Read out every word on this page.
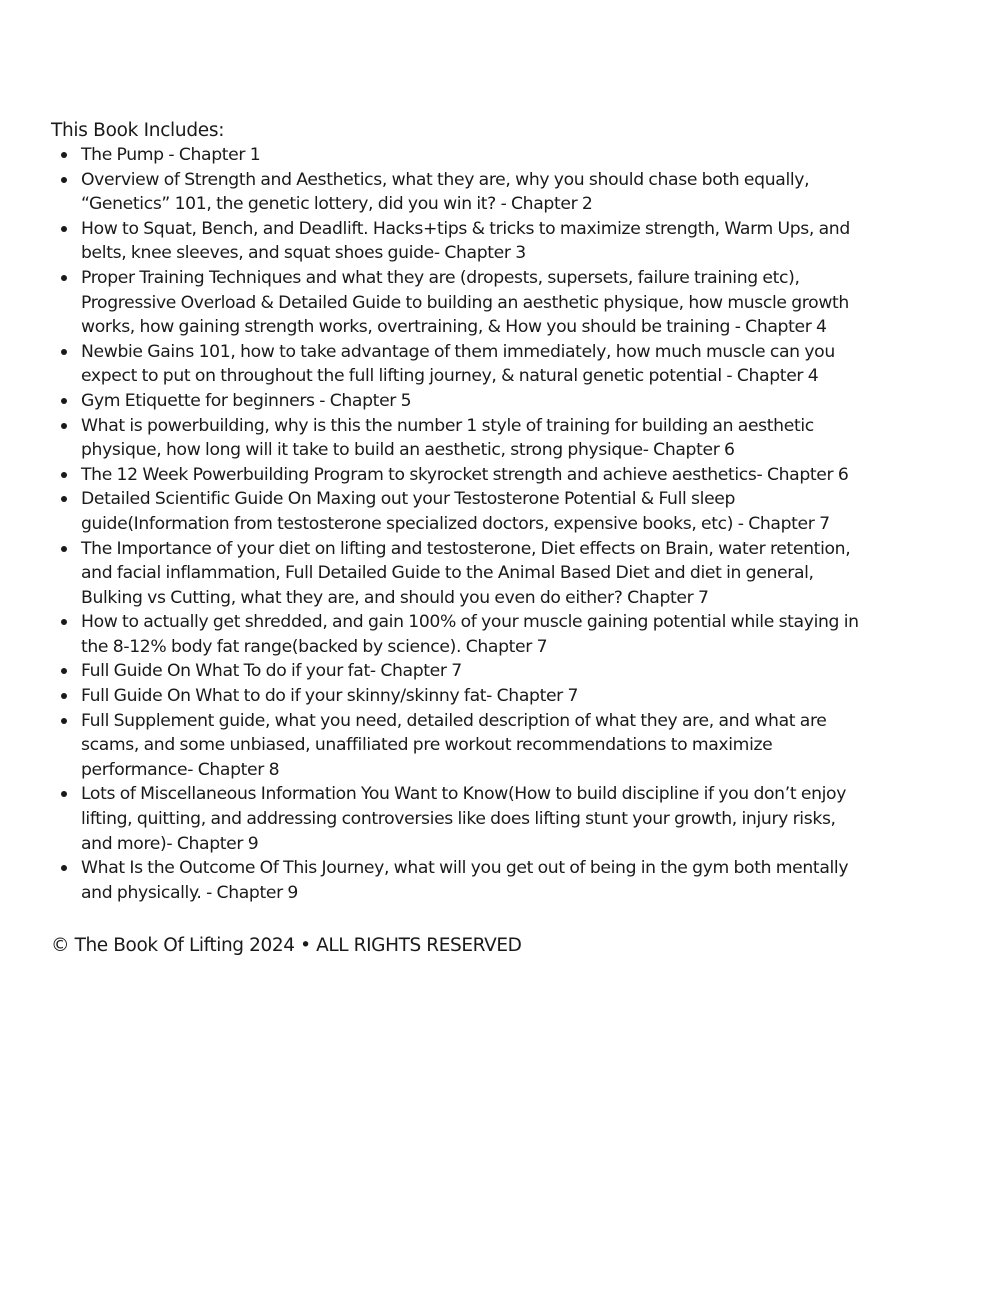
This Book Includes:
The Pump - Chapter 1
Overview of Strength and Aesthetics, what they are, why you should chase both equally,
“Genetics” 101, the genetic lottery, did you win it? - Chapter 2
How to Squat, Bench, and Deadlift. Hacks+tips & tricks to maximize strength, Warm Ups, and
belts, knee sleeves, and squat shoes guide- Chapter 3
Proper Training Techniques and what they are (dropests, supersets, failure training etc),
Progressive Overload & Detailed Guide to building an aesthetic physique, how muscle growth
works, how gaining strength works, overtraining, & How you should be training - Chapter 4
Newbie Gains 101, how to take advantage of them immediately, how much muscle can you
expect to put on throughout the full lifting journey, & natural genetic potential - Chapter 4
Gym Etiquette for beginners - Chapter 5
What is powerbuilding, why is this the number 1 style of training for building an aesthetic
physique, how long will it take to build an aesthetic, strong physique- Chapter 6
The 12 Week Powerbuilding Program to skyrocket strength and achieve aesthetics- Chapter 6
Detailed Scientific Guide On Maxing out your Testosterone Potential & Full sleep
guide(Information from testosterone specialized doctors, expensive books, etc) - Chapter 7
The Importance of your diet on lifting and testosterone, Diet effects on Brain, water retention,
and facial inflammation, Full Detailed Guide to the Animal Based Diet and diet in general,
Bulking vs Cutting, what they are, and should you even do either? Chapter 7
How to actually get shredded, and gain 100% of your muscle gaining potential while staying in
the 8-12% body fat range(backed by science). Chapter 7
Full Guide On What To do if your fat- Chapter 7
Full Guide On What to do if your skinny/skinny fat- Chapter 7
Full Supplement guide, what you need, detailed description of what they are, and what are
scams, and some unbiased, unaffiliated pre workout recommendations to maximize
performance- Chapter 8
Lots of Miscellaneous Information You Want to Know(How to build discipline if you don’t enjoy
lifting, quitting, and addressing controversies like does lifting stunt your growth, injury risks,
and more)- Chapter 9
What Is the Outcome Of This Journey, what will you get out of being in the gym both mentally
and physically. - Chapter 9

© The Book Of Lifting 2024 • ALL RIGHTS RESERVED
